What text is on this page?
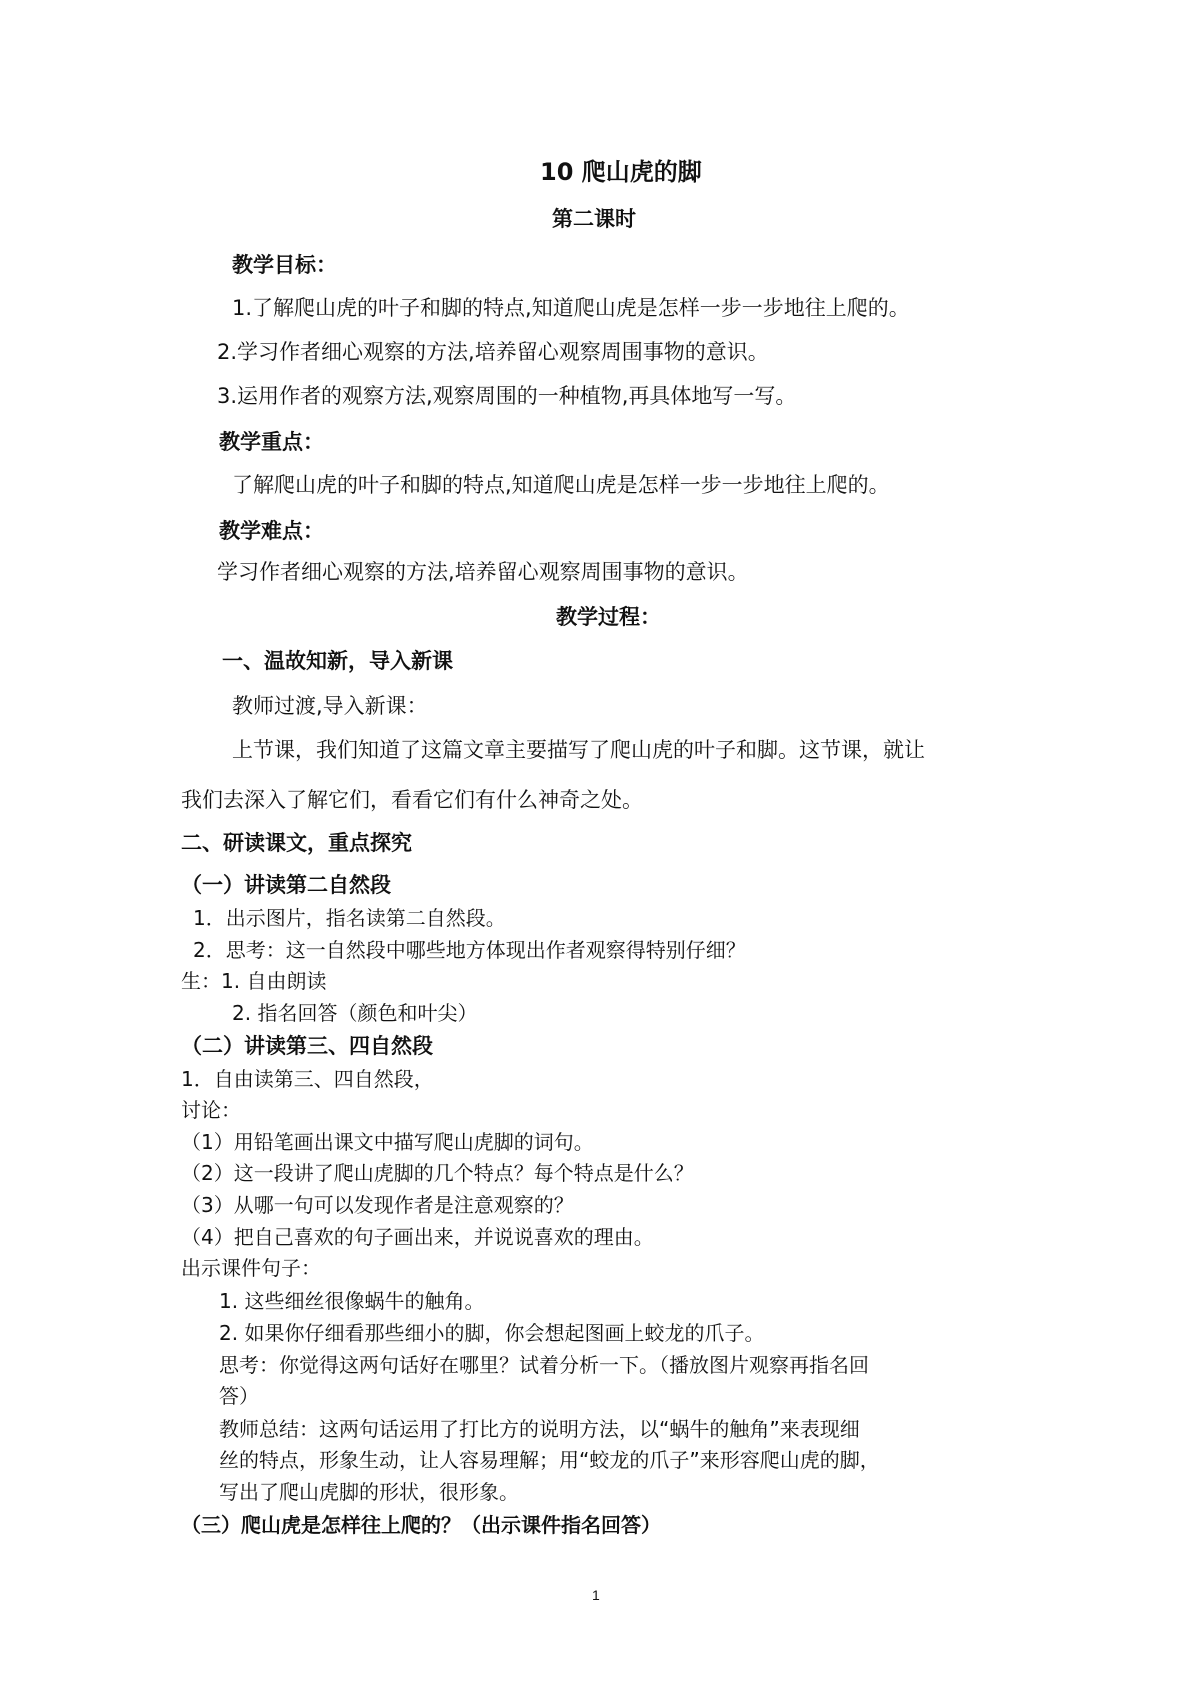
10 爬山虎的脚
第二课时
教学目标：
1.了解爬山虎的叶子和脚的特点,知道爬山虎是怎样一步一步地往上爬的。
2.学习作者细心观察的方法,培养留心观察周围事物的意识。
3.运用作者的观察方法,观察周围的一种植物,再具体地写一写。
教学重点：
了解爬山虎的叶子和脚的特点,知道爬山虎是怎样一步一步地往上爬的。
教学难点：
学习作者细心观察的方法,培养留心观察周围事物的意识。
教学过程：
一、温故知新，导入新课
教师过渡,导入新课：
上节课，我们知道了这篇文章主要描写了爬山虎的叶子和脚。这节课，就让
我们去深入了解它们，看看它们有什么神奇之处。
二、研读课文，重点探究
（一）讲读第二自然段
1．出示图片，指名读第二自然段。
2．思考：这一自然段中哪些地方体现出作者观察得特别仔细？
生：1. 自由朗读
2. 指名回答（颜色和叶尖）
（二）讲读第三、四自然段
1．自由读第三、四自然段，
讨论：
（1）用铅笔画出课文中描写爬山虎脚的词句。
（2）这一段讲了爬山虎脚的几个特点？每个特点是什么？
（3）从哪一句可以发现作者是注意观察的？
（4）把自己喜欢的句子画出来，并说说喜欢的理由。
出示课件句子：
1. 这些细丝很像蜗牛的触角。
2. 如果你仔细看那些细小的脚，你会想起图画上蛟龙的爪子。
思考：你觉得这两句话好在哪里？试着分析一下。（播放图片观察再指名回
答）
教师总结：这两句话运用了打比方的说明方法，以“蜗牛的触角”来表现细
丝的特点，形象生动，让人容易理解；用“蛟龙的爪子”来形容爬山虎的脚，
写出了爬山虎脚的形状，很形象。
（三）爬山虎是怎样往上爬的？（出示课件指名回答）
1
